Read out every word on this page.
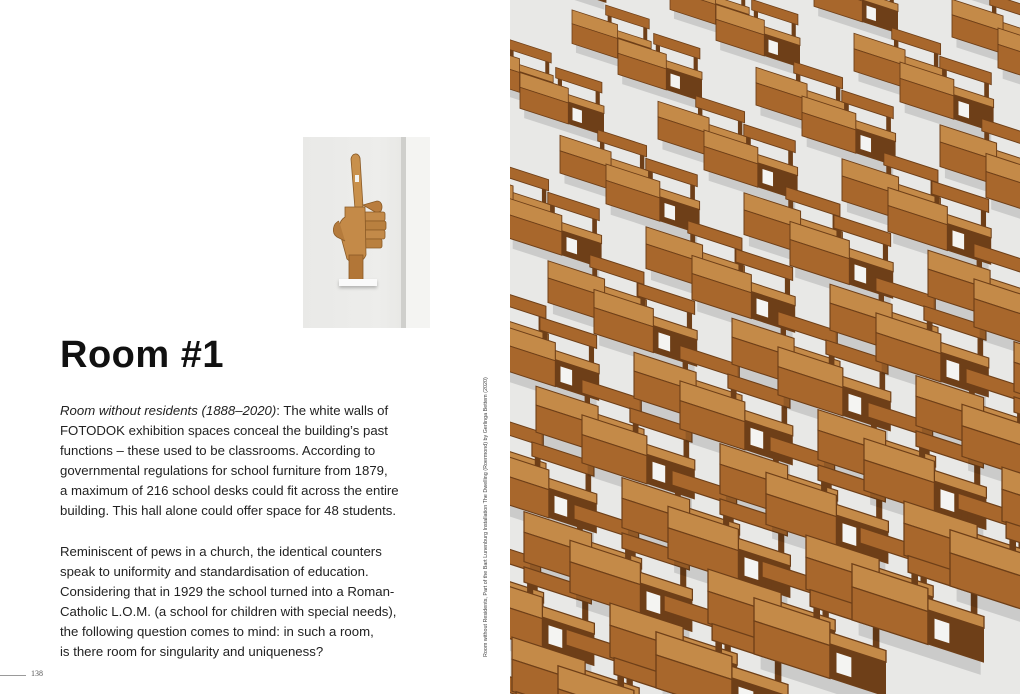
Room #1

Room without residents (1888–2020): The white walls of
FOTODOK exhibition spaces conceal the building’s past
functions – these used to be classrooms. According to
governmental regulations for school furniture from 1879,
a maximum of 216 school desks could fit across the entire
building. This hall alone could offer space for 48 students.

Reminiscent of pews in a church, the identical counters
speak to uniformity and standardisation of education.
Considering that in 1929 the school turned into a Roman-
Catholic L.O.M. (a school for children with special needs),
the following question comes to mind: in such a room,
is there room for singularity and uniqueness?

138
Room without Residents, Part of the Bart Lunenburg Installation The Dwelling (Roermond) by Gerlinga Bettem (2020)
